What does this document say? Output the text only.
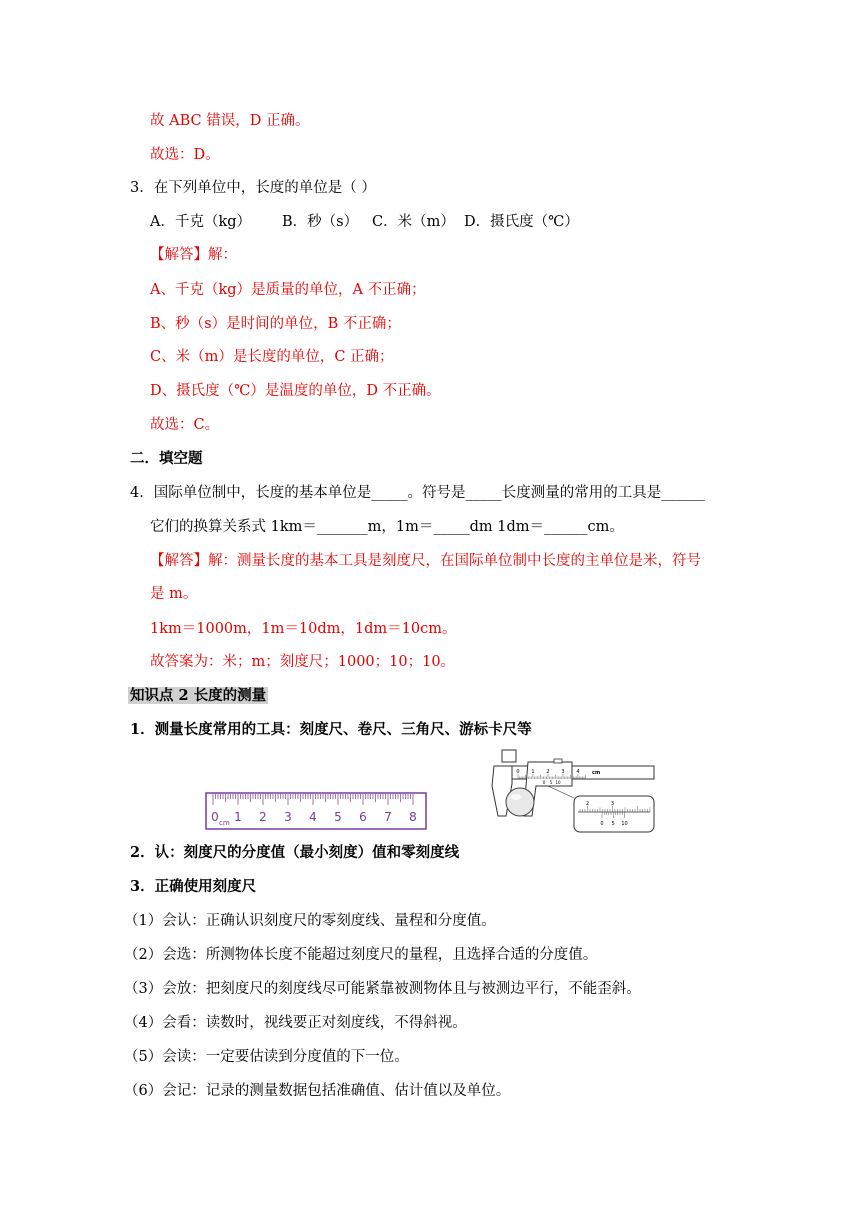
故 ABC 错误，D 正确。
故选：D。
3．在下列单位中，长度的单位是（ ）
A．千克（kg） B．秒（s） C．米（m） D．摄氏度（℃）
【解答】解：
A、千克（kg）是质量的单位，A 不正确；
B、秒（s）是时间的单位，B 不正确；
C、米（m）是长度的单位，C 正确；
D、摄氏度（℃）是温度的单位，D 不正确。
故选：C。
二．填空题
4．国际单位制中，长度的基本单位是_____。符号是_____长度测量的常用的工具是______
它们的换算关系式 1km＝_______m，1m＝_____dm 1dm＝______cm。
【解答】解：测量长度的基本工具是刻度尺，在国际单位制中长度的主单位是米，符号
是 m。
1km＝1000m，1m＝10dm，1dm＝10cm。
故答案为：米；m；刻度尺；1000；10；10。
知识点 2 长度的测量
1．测量长度常用的工具：刻度尺、卷尺、三角尺、游标卡尺等
0 1 2 3 4 5 6 7 8
cm
0 1 2 3 4 cm
0 5 10
2	3
0 5 10
2．认：刻度尺的分度值（最小刻度）值和零刻度线
3．正确使用刻度尺
（1）会认：正确认识刻度尺的零刻度线、量程和分度值。
（2）会选：所测物体长度不能超过刻度尺的量程，且选择合适的分度值。
（3）会放：把刻度尺的刻度线尽可能紧靠被测物体且与被测边平行，不能歪斜。
（4）会看：读数时，视线要正对刻度线，不得斜视。
（5）会读：一定要估读到分度值的下一位。
（6）会记：记录的测量数据包括准确值、估计值以及单位。
